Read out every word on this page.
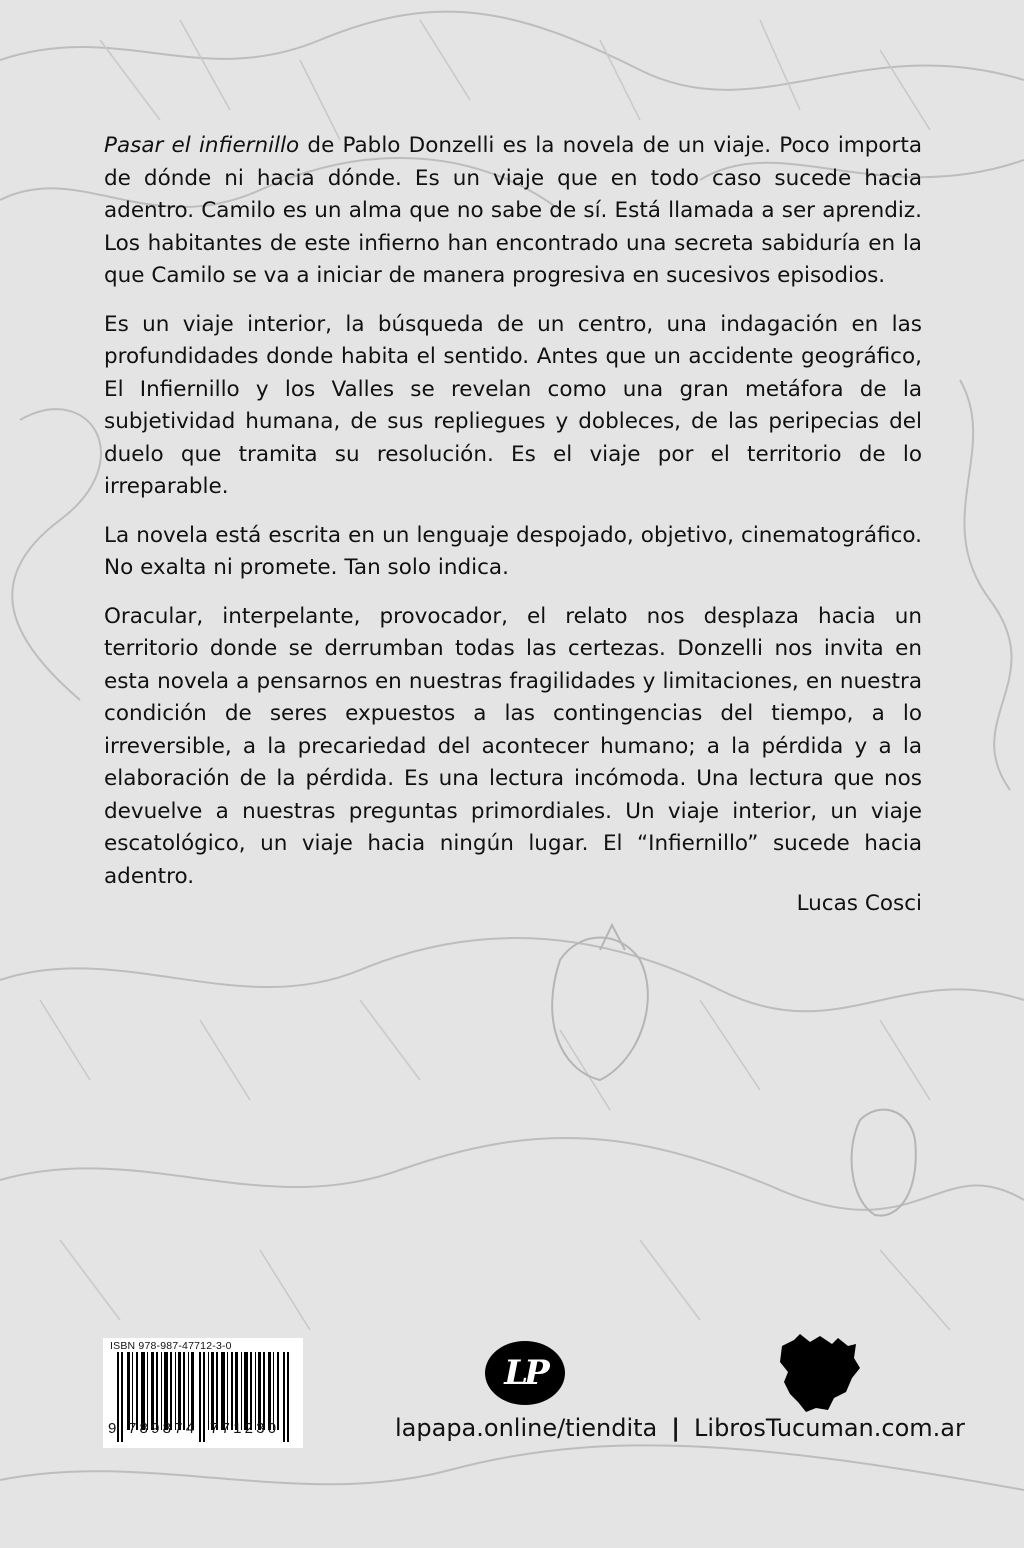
Pasar el infiernillo de Pablo Donzelli es la novela de un viaje. Poco importa de dónde ni hacia dónde. Es un viaje que en todo caso sucede hacia adentro. Camilo es un alma que no sabe de sí. Está llamada a ser aprendiz. Los habitantes de este infierno han encontrado una secreta sabiduría en la que Camilo se va a iniciar de manera progresiva en sucesivos episodios.

Es un viaje interior, la búsqueda de un centro, una indagación en las profundidades donde habita el sentido. Antes que un accidente geográfico, El Infiernillo y los Valles se revelan como una gran metáfora de la subjetividad humana, de sus repliegues y dobleces, de las peripecias del duelo que tramita su resolución. Es el viaje por el territorio de lo irreparable.

La novela está escrita en un lenguaje despojado, objetivo, cinematográfico. No exalta ni promete. Tan solo indica.

Oracular, interpelante, provocador, el relato nos desplaza hacia un territorio donde se derrumban todas las certezas. Donzelli nos invita en esta novela a pensarnos en nuestras fragilidades y limitaciones, en nuestra condición de seres expuestos a las contingencias del tiempo, a lo irreversible, a la precariedad del acontecer humano; a la pérdida y a la elaboración de la pérdida. Es una lectura incómoda. Una lectura que nos devuelve a nuestras preguntas primordiales. Un viaje interior, un viaje escatológico, un viaje hacia ningún lugar. El “Infiernillo” sucede hacia adentro.

Lucas Cosci
ISBN 978-987-47712-3-0
9 789874 771230
LP
lapapa.online/tiendita | LibrosTucuman.com.ar
